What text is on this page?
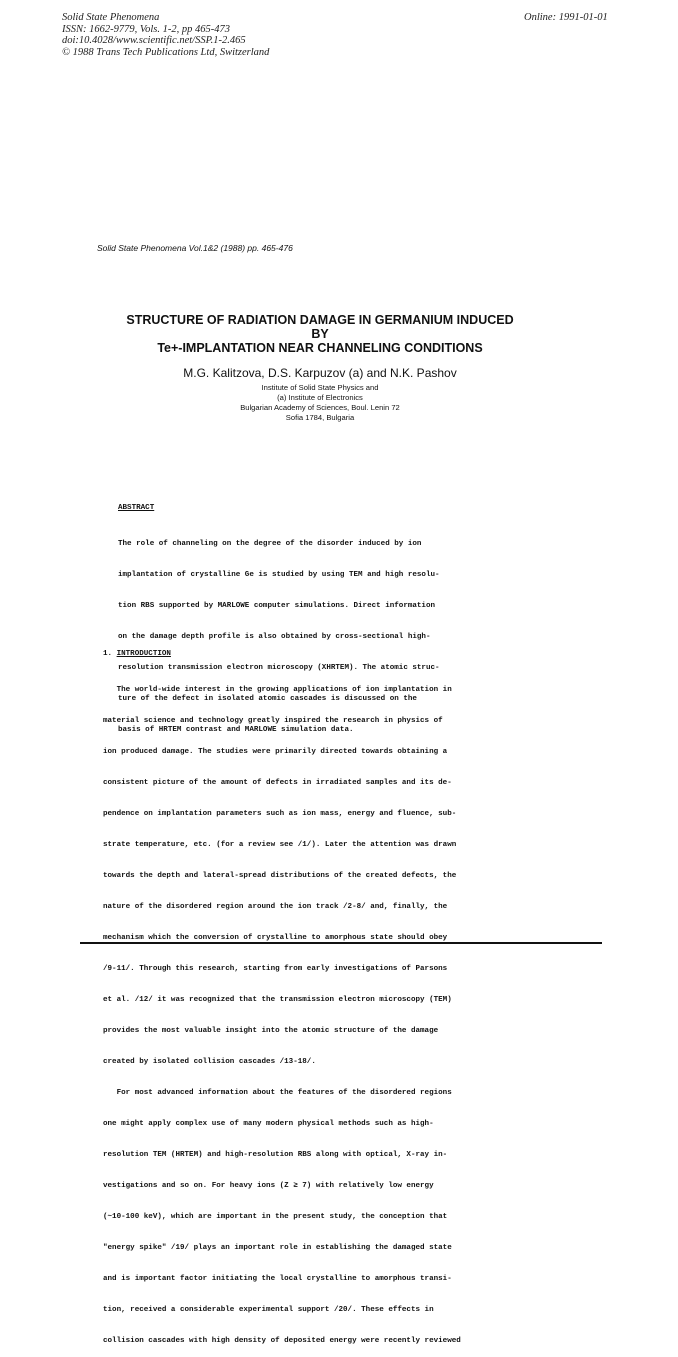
Solid State Phenomena
ISSN: 1662-9779, Vols. 1-2, pp 465-473
doi:10.4028/www.scientific.net/SSP.1-2.465
© 1988 Trans Tech Publications Ltd, Switzerland
Online: 1991-01-01
Solid State Phenomena Vol.1&2 (1988) pp. 465-476
STRUCTURE OF RADIATION DAMAGE IN GERMANIUM INDUCED
BY
Te+-IMPLANTATION NEAR CHANNELING CONDITIONS
M.G. Kalitzova, D.S. Karpuzov (a) and N.K. Pashov
Institute of Solid State Physics and
(a) Institute of Electronics
Bulgarian Academy of Sciences, Boul. Lenin 72
Sofia 1784, Bulgaria
ABSTRACT

The role of channeling on the degree of the disorder induced by ion

implantation of crystalline Ge is studied by using TEM and high resolu-

tion RBS supported by MARLOWE computer simulations. Direct information

on the damage depth profile is also obtained by cross-sectional high-

resolution transmission electron microscopy (XHRTEM). The atomic struc-

ture of the defect in isolated atomic cascades is discussed on the

basis of HRTEM contrast and MARLOWE simulation data.

1. INTRODUCTION

The world-wide interest in the growing applications of ion implantation in

material science and technology greatly inspired the research in physics of

ion produced damage. The studies were primarily directed towards obtaining a

consistent picture of the amount of defects in irradiated samples and its de-

pendence on implantation parameters such as ion mass, energy and fluence, sub-

strate temperature, etc. (for a review see /1/). Later the attention was drawn

towards the depth and lateral-spread distributions of the created defects, the

nature of the disordered region around the ion track /2-8/ and, finally, the

mechanism which the conversion of crystalline to amorphous state should obey

/9-11/. Through this research, starting from early investigations of Parsons

et al. /12/ it was recognized that the transmission electron microscopy (TEM)

provides the most valuable insight into the atomic structure of the damage

created by isolated collision cascades /13-18/.

For most advanced information about the features of the disordered regions

one might apply complex use of many modern physical methods such as high-

resolution TEM (HRTEM) and high-resolution RBS along with optical, X-ray in-

vestigations and so on. For heavy ions (Z ≥ 7) with relatively low energy

(~10-100 keV), which are important in the present study, the conception that

"energy spike" /19/ plays an important role in establishing the damaged state

and is important factor initiating the local crystalline to amorphous transi-

tion, received a considerable experimental support /20/. These effects in

collision cascades with high density of deposited energy were recently reviewed
